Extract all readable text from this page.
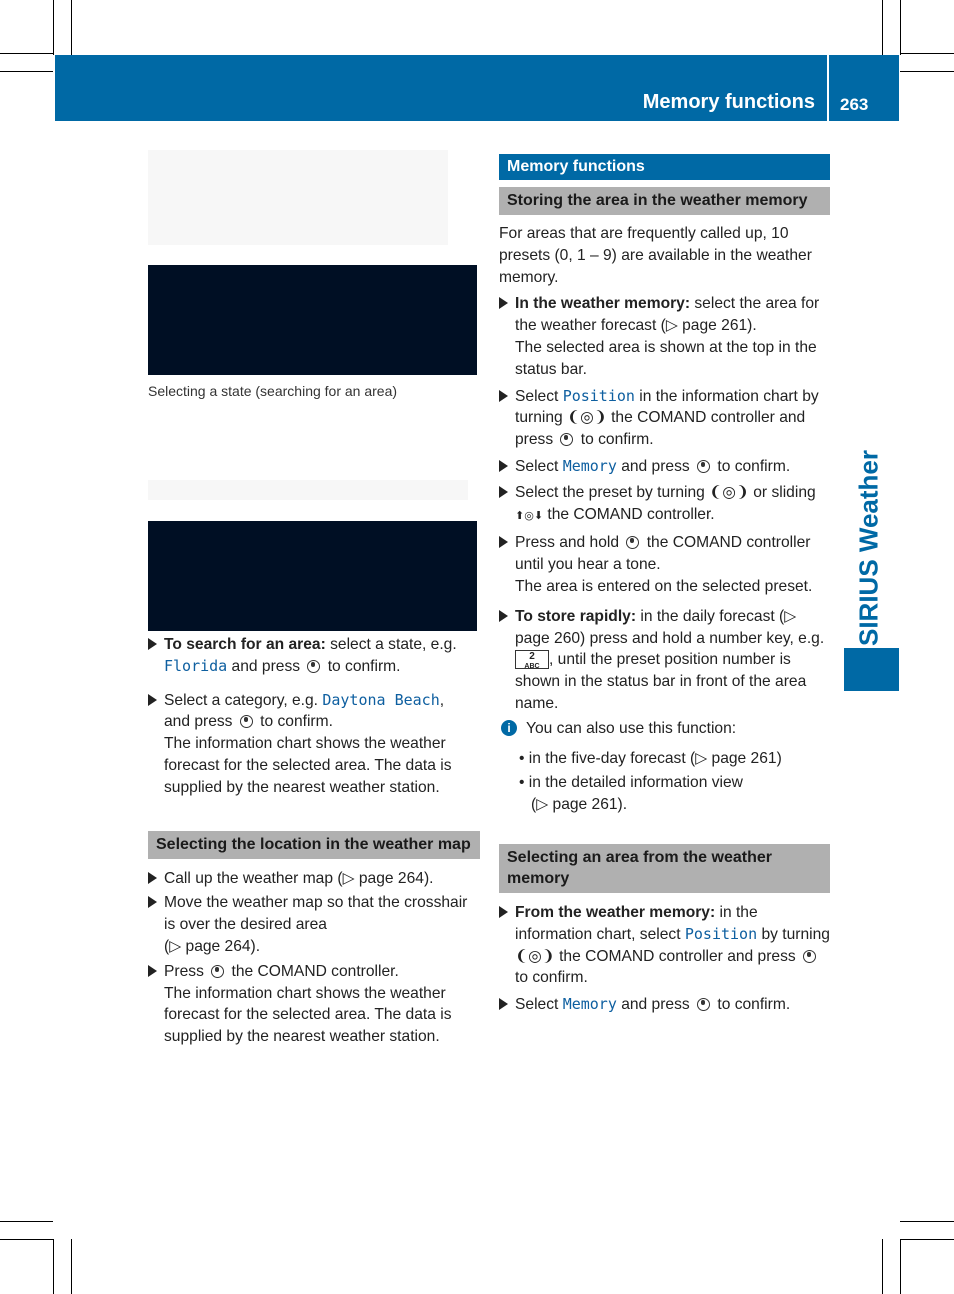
Memory functions 263
SIRIUS Weather
Selecting a state (searching for an area)

To search for an area: select a state, e.g.
Florida and press  to confirm.

Select a category, e.g. Daytona Beach,
and press  to confirm.
The information chart shows the weather forecast for the selected area. The data is supplied by the nearest weather station.

Selecting the location in the weather map

Call up the weather map (▷ page 264).

Move the weather map so that the crosshair is over the desired area
(▷ page 264).

Press  the COMAND controller.
The information chart shows the weather forecast for the selected area. The data is supplied by the nearest weather station.

Memory functions
Storing the area in the weather memory

For areas that are frequently called up, 10 presets (0, 1 – 9) are available in the weather memory.

In the weather memory: select the area for the weather forecast (▷ page 261).
The selected area is shown at the top in the status bar.

Select Position in the information chart by turning ❨◎❩ the COMAND controller and press  to confirm.

Select Memory and press  to confirm.

Select the preset by turning ❨◎❩ or sliding
⬆◎⬇ the COMAND controller.

Press and hold  the COMAND controller until you hear a tone.
The area is entered on the selected preset.

To store rapidly: in the daily forecast (▷ page 260) press and hold a number key, e.g. 2
ABC , until the preset position number is shown in the status bar in front of the area name.

i You can also use this function:

• in the five-day forecast (▷ page 261)

• in the detailed information view
(▷ page 261).

Selecting an area from the weather memory

From the weather memory: in the information chart, select Position by turning ❨◎❩ the COMAND controller and press  to confirm.

Select Memory and press  to confirm.
